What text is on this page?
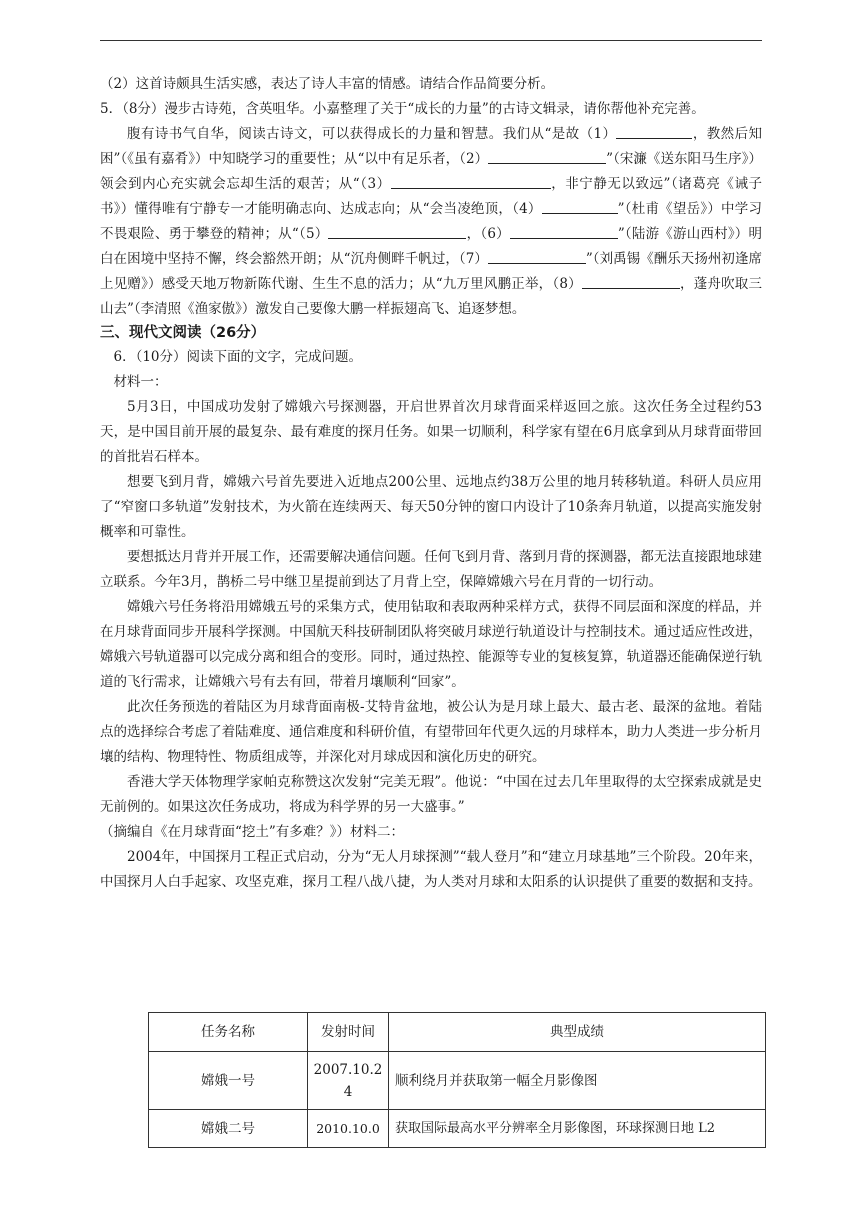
（2）这首诗颇具生活实感，表达了诗人丰富的情感。请结合作品简要分析。

5．（8分）漫步古诗苑，含英咀华。小嘉整理了关于“成长的力量”的古诗文辑录，请你帮他补充完善。

腹有诗书气自华，阅读古诗文，可以获得成长的力量和智慧。我们从“是故（1）	，教然后知困”（《虽有嘉肴》）中知晓学习的重要性；从“以中有足乐者，（2）	”（宋濂《送东阳马生序》）领会到内心充实就会忘却生活的艰苦；从“（3）	，非宁静无以致远”（诸葛亮《诫子书》）懂得唯有宁静专一才能明确志向、达成志向；从“会当凌绝顶，（4）	”（杜甫《望岳》）中学习不畏艰险、勇于攀登的精神；从“（5）	，（6）	”（陆游《游山西村》）明白在困境中坚持不懈，终会豁然开朗；从“沉舟侧畔千帆过，（7）	”（刘禹锡《酬乐天扬州初逢席上见赠》）感受天地万物新陈代谢、生生不息的活力；从“九万里风鹏正举，（8）	，蓬舟吹取三山去”（李清照《渔家傲》）激发自己要像大鹏一样振翅高飞、追逐梦想。

三、现代文阅读（26分）

6．（10分）阅读下面的文字，完成问题。

材料一：

5月3日，中国成功发射了嫦娥六号探测器，开启世界首次月球背面采样返回之旅。这次任务全过程约53天，是中国目前开展的最复杂、最有难度的探月任务。如果一切顺利，科学家有望在6月底拿到从月球背面带回的首批岩石样本。

想要飞到月背，嫦娥六号首先要进入近地点200公里、远地点约38万公里的地月转移轨道。科研人员应用了“窄窗口多轨道”发射技术，为火箭在连续两天、每天50分钟的窗口内设计了10条奔月轨道，以提高实施发射概率和可靠性。

要想抵达月背并开展工作，还需要解决通信问题。任何飞到月背、落到月背的探测器，都无法直接跟地球建立联系。今年3月，鹊桥二号中继卫星提前到达了月背上空，保障嫦娥六号在月背的一切行动。

嫦娥六号任务将沿用嫦娥五号的采集方式，使用钻取和表取两种采样方式，获得不同层面和深度的样品，并在月球背面同步开展科学探测。中国航天科技研制团队将突破月球逆行轨道设计与控制技术。通过适应性改进，嫦娥六号轨道器可以完成分离和组合的变形。同时，通过热控、能源等专业的复核复算，轨道器还能确保逆行轨道的飞行需求，让嫦娥六号有去有回，带着月壤顺利“回家”。

此次任务预选的着陆区为月球背面南极-艾特肯盆地，被公认为是月球上最大、最古老、最深的盆地。着陆点的选择综合考虑了着陆难度、通信难度和科研价值，有望带回年代更久远的月球样本，助力人类进一步分析月壤的结构、物理特性、物质组成等，并深化对月球成因和演化历史的研究。

香港大学天体物理学家帕克称赞这次发射“完美无瑕”。他说：“中国在过去几年里取得的太空探索成就是史无前例的。如果这次任务成功，将成为科学界的另一大盛事。”

（摘编自《在月球背面“挖土”有多难？》）材料二：

2004年，中国探月工程正式启动，分为“无人月球探测”“载人登月”和“建立月球基地”三个阶段。20年来，中国探月人白手起家、攻坚克难，探月工程八战八捷，为人类对月球和太阳系的认识提供了重要的数据和支持。

任务名称	发射时间	典型成绩
嫦娥一号	2007.10.24	顺利绕月并获取第一幅全月影像图
嫦娥二号	2010.10.0	获取国际最高水平分辨率全月影像图，环球探测日地 L2
